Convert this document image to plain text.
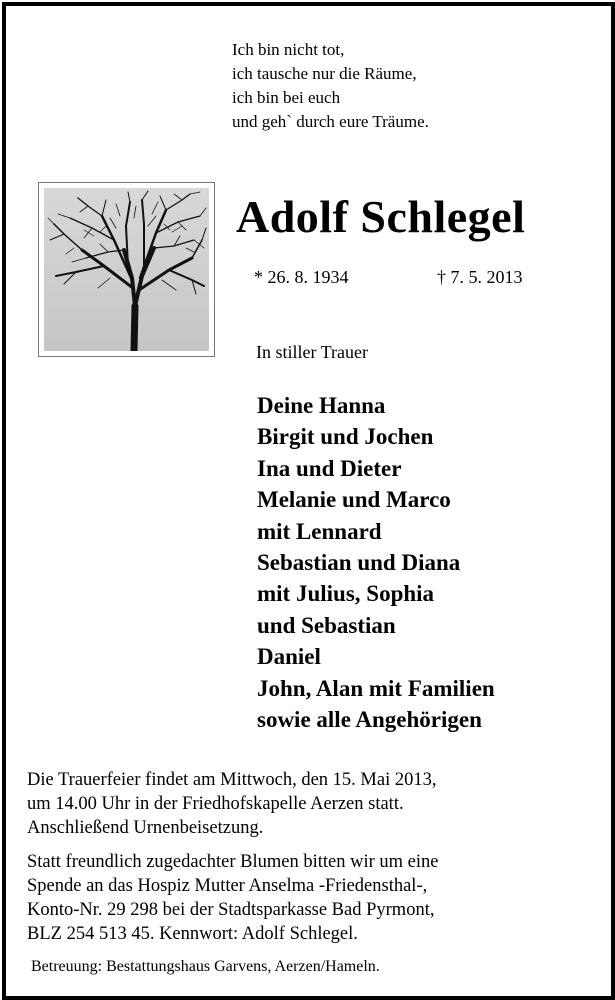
Ich bin nicht tot,
ich tausche nur die Räume,
ich bin bei euch
und geh` durch eure Träume.
Adolf Schlegel
* 26. 8. 1934	† 7. 5. 2013
In stiller Trauer
Deine Hanna
Birgit und Jochen
Ina und Dieter
Melanie und Marco
mit Lennard
Sebastian und Diana
mit Julius, Sophia
und Sebastian
Daniel
John, Alan mit Familien
sowie alle Angehörigen
Die Trauerfeier findet am Mittwoch, den 15. Mai 2013,
um 14.00 Uhr in der Friedhofskapelle Aerzen statt.
Anschließend Urnenbeisetzung.
Statt freundlich zugedachter Blumen bitten wir um eine
Spende an das Hospiz Mutter Anselma -Friedensthal-,
Konto-Nr. 29 298 bei der Stadtsparkasse Bad Pyrmont,
BLZ 254 513 45. Kennwort: Adolf Schlegel.
Betreuung: Bestattungshaus Garvens, Aerzen/Hameln.
